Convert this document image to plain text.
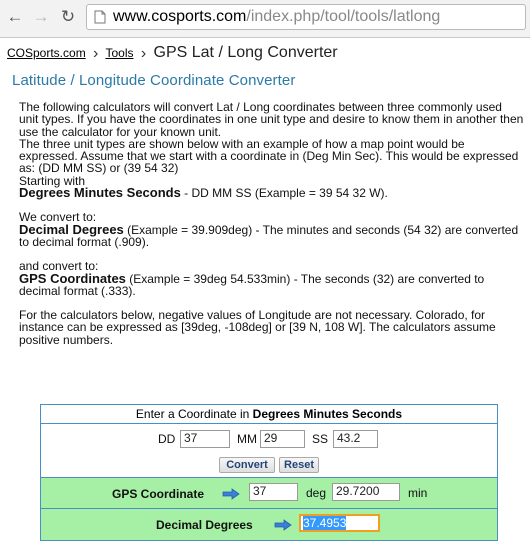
← → ↻ www.cosports.com/index.php/tool/tools/latlong
COSports.com › Tools › GPS Lat / Long Converter
Latitude / Longitude Coordinate Converter

The following calculators will convert Lat / Long coordinates between three commonly used unit types. If you have the coordinates in one unit type and desire to know them in another then use the calculator for your known unit.

The three unit types are shown below with an example of how a map point would be expressed. Assume that we start with a coordinate in (Deg Min Sec). This would be expressed as: (DD MM SS) or (39 54 32)

Starting with

Degrees Minutes Seconds - DD MM SS (Example = 39 54 32 W).

We convert to:

Decimal Degrees (Example = 39.909deg) - The minutes and seconds (54 32) are converted to decimal format (.909).

and convert to:

GPS Coordinates (Example = 39deg 54.533min) - The seconds (32) are converted to decimal format (.333).

For the calculators below, negative values of Longitude are not necessary. Colorado, for instance can be expressed as [39deg, -108deg] or [39 N, 108 W]. The calculators assume positive numbers.

Enter a Coordinate in Degrees Minutes Seconds
DD 37	MM 29	SS 43.2
Convert	Reset
GPS Coordinate	37	deg 29.7200	min
Decimal Degrees	37.4953
